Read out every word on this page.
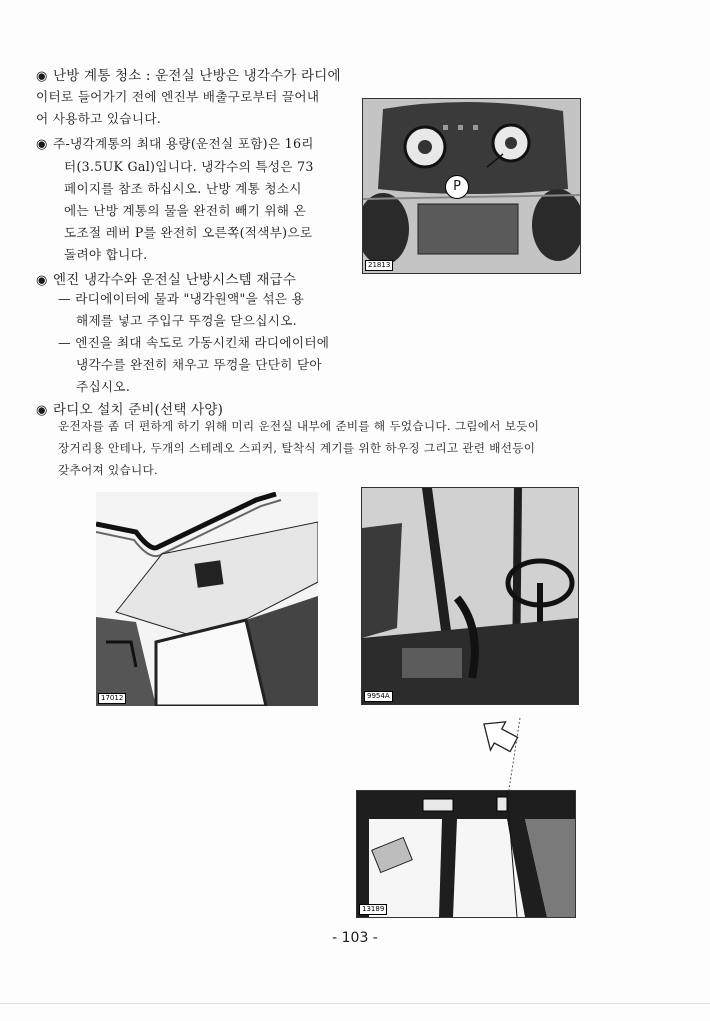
◉ 난방 계통 청소 : 운전실 난방은 냉각수가 라디에

이터로 들어가기 전에 엔진부 배출구로부터 끌어내

어 사용하고 있습니다.

◉ 주-냉각계통의 최대 용량(운전실 포함)은 16리

터(3.5UK Gal)입니다. 냉각수의 특성은 73

페이지를 참조 하십시오. 난방 계통 청소시

에는 난방 계통의 물을 완전히 빼기 위해 온

도조절 레버 P를 완전히 오른쪽(적색부)으로

돌려야 합니다.

P
21813
◉ 엔진 냉각수와 운전실 난방시스템 재급수

— 라디에이터에 물과 "냉각원액"을 섞은 용

해제를 넣고 주입구 뚜껑을 닫으십시오.

— 엔진을 최대 속도로 가동시킨채 라디에이터에

냉각수를 완전히 채우고 뚜껑을 단단히 닫아

주십시오.

◉ 라디오 설치 준비(선택 사양)

운전자를 좀 더 편하게 하기 위해 미리 운전실 내부에 준비를 해 두었습니다. 그림에서 보듯이

장거리용 안테나, 두개의 스테레오 스피커, 탈착식 계기를 위한 하우징 그리고 관련 배선등이

갖추어져 있습니다.

17012	9954A
13189
- 103 -
